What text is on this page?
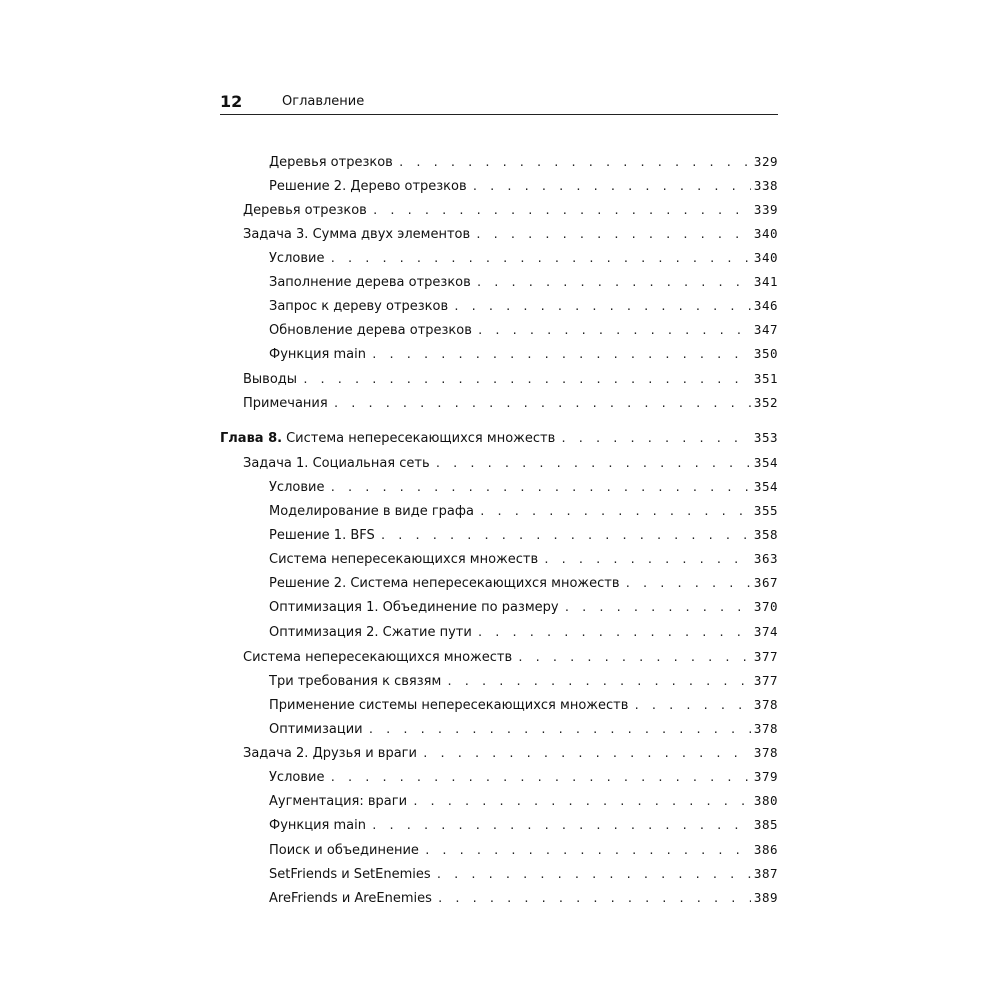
12	Оглавление
Деревья отрезков . . .	329
Решение 2. Дерево отрезков . . .	338
Деревья отрезков . . .	339
Задача 3. Сумма двух элементов . . .	340
Условие . . .	340
Заполнение дерева отрезков . . .	341
Запрос к дереву отрезков . . .	346
Обновление дерева отрезков . . .	347
Функция main . . .	350
Выводы . . .	351
Примечания . . .	352
Глава 8. Система непересекающихся множеств . . .	353
Задача 1. Социальная сеть . . .	354
Условие . . .	354
Моделирование в виде графа . . .	355
Решение 1. BFS . . .	358
Система непересекающихся множеств . . .	363
Решение 2. Система непересекающихся множеств . . .	367
Оптимизация 1. Объединение по размеру . . .	370
Оптимизация 2. Сжатие пути . . .	374
Система непересекающихся множеств . . .	377
Три требования к связям . . .	377
Применение системы непересекающихся множеств . . .	378
Оптимизации . . .	378
Задача 2. Друзья и враги . . .	378
Условие . . .	379
Аугментация: враги . . .	380
Функция main . . .	385
Поиск и объединение . . .	386
SetFriends и SetEnemies . . .	387
AreFriends и AreEnemies . . .	389
